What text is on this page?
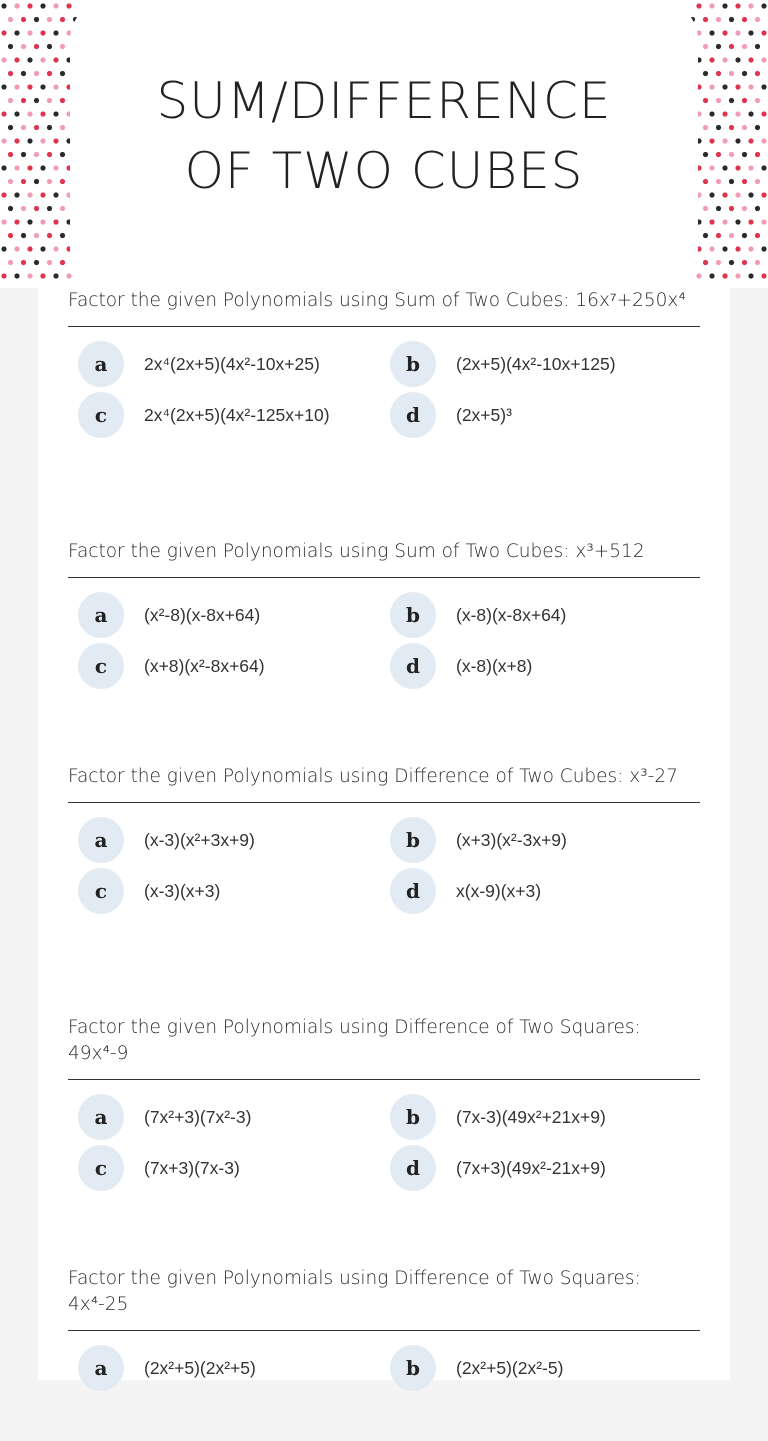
SUM/DIFFERENCE
OF TWO CUBES
Factor the given Polynomials using Sum of Two Cubes: 16x⁷+250x⁴
a	2x⁴(2x+5)(4x²-10x+25)	b	(2x+5)(4x²-10x+125)
c	2x⁴(2x+5)(4x²-125x+10)	d	(2x+5)³
Factor the given Polynomials using Sum of Two Cubes: x³+512
a	(x²-8)(x-8x+64)	b	(x-8)(x-8x+64)
c	(x+8)(x²-8x+64)	d	(x-8)(x+8)
Factor the given Polynomials using Difference of Two Cubes: x³-27
a	(x-3)(x²+3x+9)	b	(x+3)(x²-3x+9)
c	(x-3)(x+3)	d	x(x-9)(x+3)
Factor the given Polynomials using Difference of Two Squares: 49x⁴-9
a	(7x²+3)(7x²-3)	b	(7x-3)(49x²+21x+9)
c	(7x+3)(7x-3)	d	(7x+3)(49x²-21x+9)
Factor the given Polynomials using Difference of Two Squares: 4x⁴-25
a	(2x²+5)(2x²+5)	b	(2x²+5)(2x²-5)
